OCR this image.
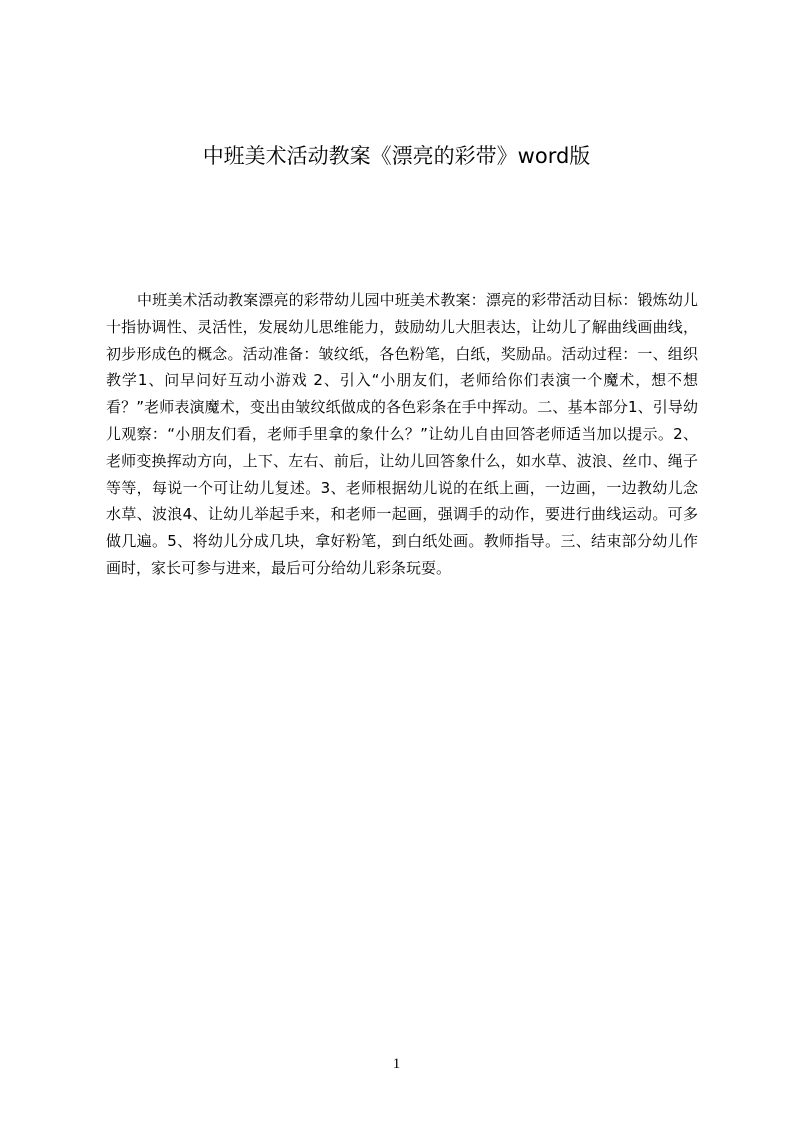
中班美术活动教案《漂亮的彩带》word版

中班美术活动教案漂亮的彩带幼儿园中班美术教案：漂亮的彩带活动目标：锻炼幼儿十指协调性、灵活性，发展幼儿思维能力，鼓励幼儿大胆表达，让幼儿了解曲线画曲线，初步形成色的概念。活动准备：皱纹纸，各色粉笔，白纸，奖励品。活动过程：一、组织教学1、问早问好互动小游戏 2、引入“小朋友们，老师给你们表演一个魔术，想不想看？”老师表演魔术，变出由皱纹纸做成的各色彩条在手中挥动。二、基本部分1、引导幼儿观察：“小朋友们看，老师手里拿的象什么？”让幼儿自由回答老师适当加以提示。2、老师变换挥动方向，上下、左右、前后，让幼儿回答象什么，如水草、波浪、丝巾、绳子等等，每说一个可让幼儿复述。3、老师根据幼儿说的在纸上画，一边画，一边教幼儿念水草、波浪4、让幼儿举起手来，和老师一起画，强调手的动作，要进行曲线运动。可多做几遍。5、将幼儿分成几块，拿好粉笔，到白纸处画。教师指导。三、结束部分幼儿作画时，家长可参与进来，最后可分给幼儿彩条玩耍。

1
